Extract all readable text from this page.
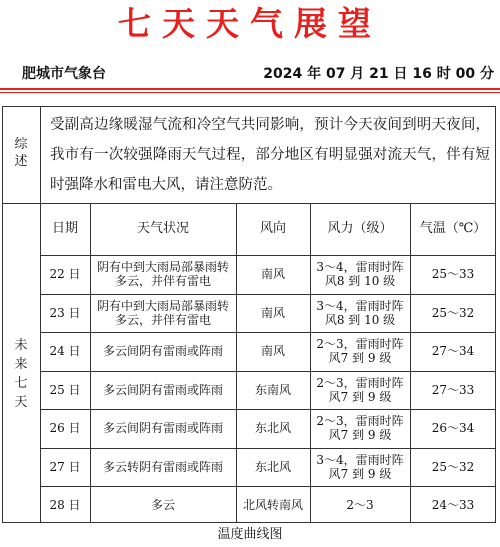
七天天气展望
肥城市气象台	2024 年 07 月 21 日 16 时 00 分
综述
受副高边缘暖湿气流和冷空气共同影响，预计今天夜间到明天夜间，我市有一次较强降雨天气过程，部分地区有明显强对流天气，伴有短时强降水和雷电大风，请注意防范。
未来七天
日期	天气状况	风向	风力（级）	气温（℃）
22 日	阴有中到大雨局部暴雨转多云，并伴有雷电	南风	3～4，雷雨时阵风8 到 10 级	25～33
23 日	阴有中到大雨局部暴雨转多云，并伴有雷电	南风	3～4，雷雨时阵风8 到 10 级	25～32
24 日	多云间阴有雷雨或阵雨	南风	2～3，雷雨时阵风7 到 9 级	27～34
25 日	多云间阴有雷雨或阵雨	东南风	2～3，雷雨时阵风7 到 9 级	27～33
26 日	多云间阴有雷雨或阵雨	东北风	2～3，雷雨时阵风7 到 9 级	26～34
27 日	多云转阴有雷雨或阵雨	东北风	3～4，雷雨时阵风7 到 9 级	25～32
28 日	多云	北风转南风	2～3	24～33
温度曲线图
